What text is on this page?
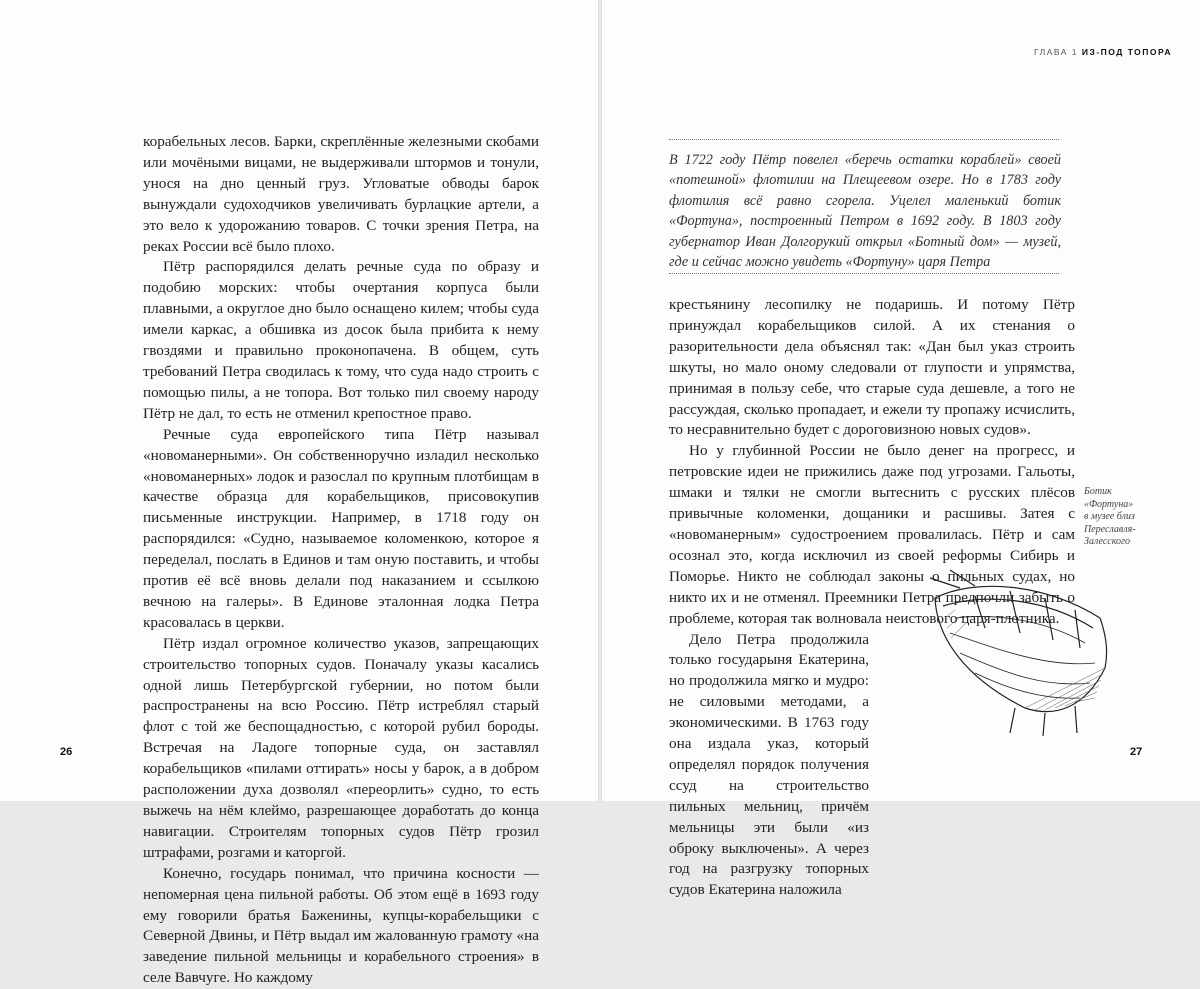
корабельных лесов. Барки, скреплённые железными скобами или мочёными вицами, не выдерживали штормов и тонули, унося на дно ценный груз. Угловатые обводы барок вынуждали судоходчиков увеличивать бурлацкие артели, а это вело к удорожанию товаров. С точки зрения Петра, на реках России всё было плохо.

Пётр распорядился делать речные суда по образу и подобию морских: чтобы очертания корпуса были плавными, а округлое дно было оснащено килем; чтобы суда имели каркас, а обшивка из досок была прибита к нему гвоздями и правильно проконопачена. В общем, суть требований Петра сводилась к тому, что суда надо строить с помощью пилы, а не топора. Вот только пил своему народу Пётр не дал, то есть не отменил крепостное право.

Речные суда европейского типа Пётр называл «новоманерными». Он собственноручно изладил несколько «новоманерных» лодок и разослал по крупным плотбищам в качестве образца для корабельщиков, присовокупив письменные инструкции. Например, в 1718 году он распорядился: «Судно, называемое коломенкою, которое я переделал, послать в Единов и там оную поставить, и чтобы против её всё вновь делали под наказанием и ссылкою вечною на галеры». В Единове эталонная лодка Петра красовалась в церкви.

Пётр издал огромное количество указов, запрещающих строительство топорных судов. Поначалу указы касались одной лишь Петербургской губернии, но потом были распространены на всю Россию. Пётр истреблял старый флот с той же беспощадностью, с которой рубил бороды. Встречая на Ладоге топорные суда, он заставлял корабельщиков «пилами оттирать» носы у барок, а в добром расположении духа дозволял «переорлить» судно, то есть выжечь на нём клеймо, разрешающее доработать до конца навигации. Строителям топорных судов Пётр грозил штрафами, розгами и каторгой.

Конечно, государь понимал, что причина косности — непомерная цена пильной работы. Об этом ещё в 1693 году ему говорили братья Баженины, купцы-корабельщики с Северной Двины, и Пётр выдал им жалованную грамоту «на заведение пильной мельницы и корабельного строения» в селе Вавчуге. Но каждому

26
ГЛАВА 1 ИЗ-ПОД ТОПОРА

В 1722 году Пётр повелел «беречь остатки кораблей» своей «потешной» флотилии на Плещеевом озере. Но в 1783 году флотилия всё равно сгорела. Уцелел маленький ботик «Фортуна», построенный Петром в 1692 году. В 1803 году губернатор Иван Долгорукий открыл «Ботный дом» — музей, где и сейчас можно увидеть «Фортуну» царя Петра

крестьянину лесопилку не подаришь. И потому Пётр принуждал корабельщиков силой. А их стенания о разорительности дела объяснял так: «Дан был указ строить шкуты, но мало оному следовали от глупости и упрямства, принимая в пользу себе, что старые суда дешевле, а того не рассуждая, сколько пропадает, и ежели ту пропажу исчислить, то несравнительно будет с дороговизною новых судов».

Но у глубинной России не было денег на прогресс, и петровские идеи не прижились даже под угрозами. Гальоты, шмаки и тялки не смогли вытеснить с русских плёсов привычные коломенки, дощаники и расшивы. Затея с «новоманерным» судостроением провалилась. Пётр и сам осознал это, когда исключил из своей реформы Сибирь и Поморье. Никто не соблюдал законы о пильных судах, но никто их и не отменял. Преемники Петра предпочли забыть о проблеме, которая так волновала неистового царя-плотника.

Дело Петра продолжила только государыня Екатерина, но продолжила мягко и мудро: не силовыми методами, а экономическими. В 1763 году она издала указ, который определял порядок получения ссуд на строительство пильных мельниц, причём мельницы эти были «из оброку выключены». А через год на разгрузку топорных судов Екатерина наложила

Ботик
«Фортуна»
в музее близ
Переславля-
Залесского
27
